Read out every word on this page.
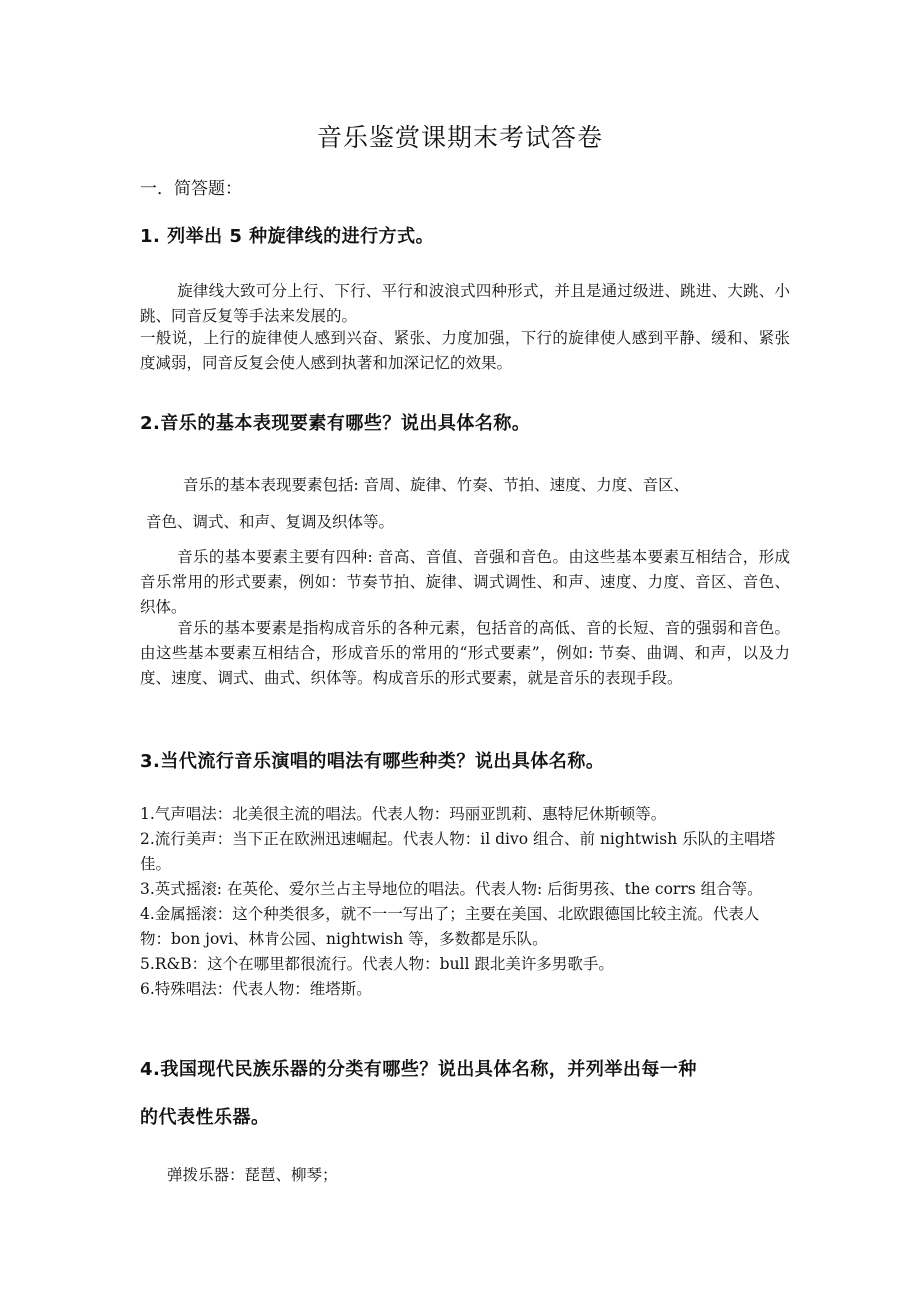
音乐鉴赏课期末考试答卷
一．简答题：
1. 列举出 5 种旋律线的进行方式。
旋律线大致可分上行、下行、平行和波浪式四种形式，并且是通过级进、跳进、大跳、小跳、同音反复等手法来发展的。
一般说，上行的旋律使人感到兴奋、紧张、力度加强，下行的旋律使人感到平静、缓和、紧张度减弱，同音反复会使人感到执著和加深记忆的效果。
2.音乐的基本表现要素有哪些？说出具体名称。
音乐的基本表现要素包括: 音周、旋律、竹奏、节拍、速度、力度、音区、
音色、调式、和声、复调及织体等。
音乐的基本要素主要有四种: 音高、音值、音强和音色。由这些基本要素互相结合，形成音乐常用的形式要素，例如：节奏节拍、旋律、调式调性、和声、速度、力度、音区、音色、织体。
音乐的基本要素是指构成音乐的各种元素，包括音的高低、音的长短、音的强弱和音色。由这些基本要素互相结合，形成音乐的常用的“形式要素”，例如: 节奏、曲调、和声，以及力度、速度、调式、曲式、织体等。构成音乐的形式要素，就是音乐的表现手段。
3.当代流行音乐演唱的唱法有哪些种类？说出具体名称。
1.气声唱法：北美很主流的唱法。代表人物：玛丽亚凯莉、惠特尼休斯顿等。
2.流行美声：当下正在欧洲迅速崛起。代表人物：il divo 组合、前 nightwish 乐队的主唱塔佳。
3.英式摇滚: 在英伦、爱尔兰占主导地位的唱法。代表人物: 后街男孩、the corrs 组合等。
4.金属摇滚：这个种类很多，就不一一写出了；主要在美国、北欧跟德国比较主流。代表人物：bon jovi、林肯公园、nightwish 等，多数都是乐队。
5.R&B：这个在哪里都很流行。代表人物：bull 跟北美许多男歌手。
6.特殊唱法：代表人物：维塔斯。
4.我国现代民族乐器的分类有哪些？说出具体名称，并列举出每一种
的代表性乐器。
弹拨乐器：琵琶、柳琴；
